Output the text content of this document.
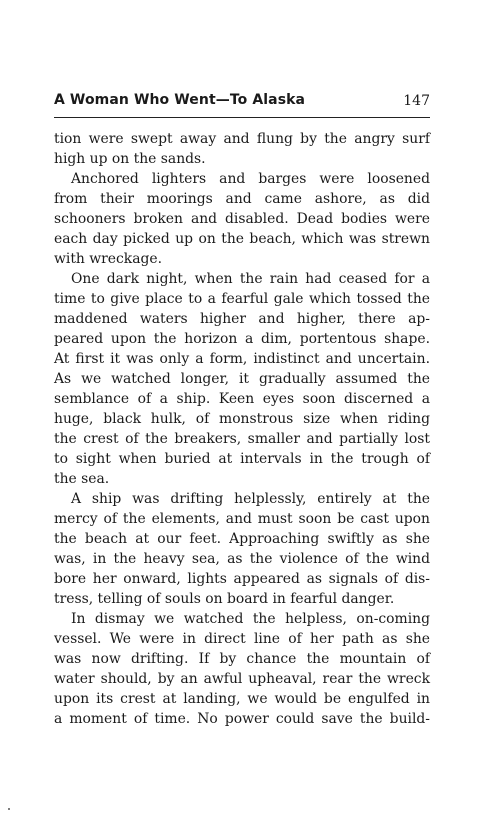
A Woman Who Went—To Alaska	147
tion were swept away and flung by the angry surf
high up on the sands.
Anchored lighters and barges were loosened
from their moorings and came ashore, as did
schooners broken and disabled. Dead bodies were
each day picked up on the beach, which was strewn
with wreckage.
One dark night, when the rain had ceased for a
time to give place to a fearful gale which tossed the
maddened waters higher and higher, there ap-
peared upon the horizon a dim, portentous shape.
At first it was only a form, indistinct and uncertain.
As we watched longer, it gradually assumed the
semblance of a ship. Keen eyes soon discerned a
huge, black hulk, of monstrous size when riding
the crest of the breakers, smaller and partially lost
to sight when buried at intervals in the trough of
the sea.
A ship was drifting helplessly, entirely at the
mercy of the elements, and must soon be cast upon
the beach at our feet. Approaching swiftly as she
was, in the heavy sea, as the violence of the wind
bore her onward, lights appeared as signals of dis-
tress, telling of souls on board in fearful danger.
In dismay we watched the helpless, on-coming
vessel. We were in direct line of her path as she
was now drifting. If by chance the mountain of
water should, by an awful upheaval, rear the wreck
upon its crest at landing, we would be engulfed in
a moment of time. No power could save the build-
